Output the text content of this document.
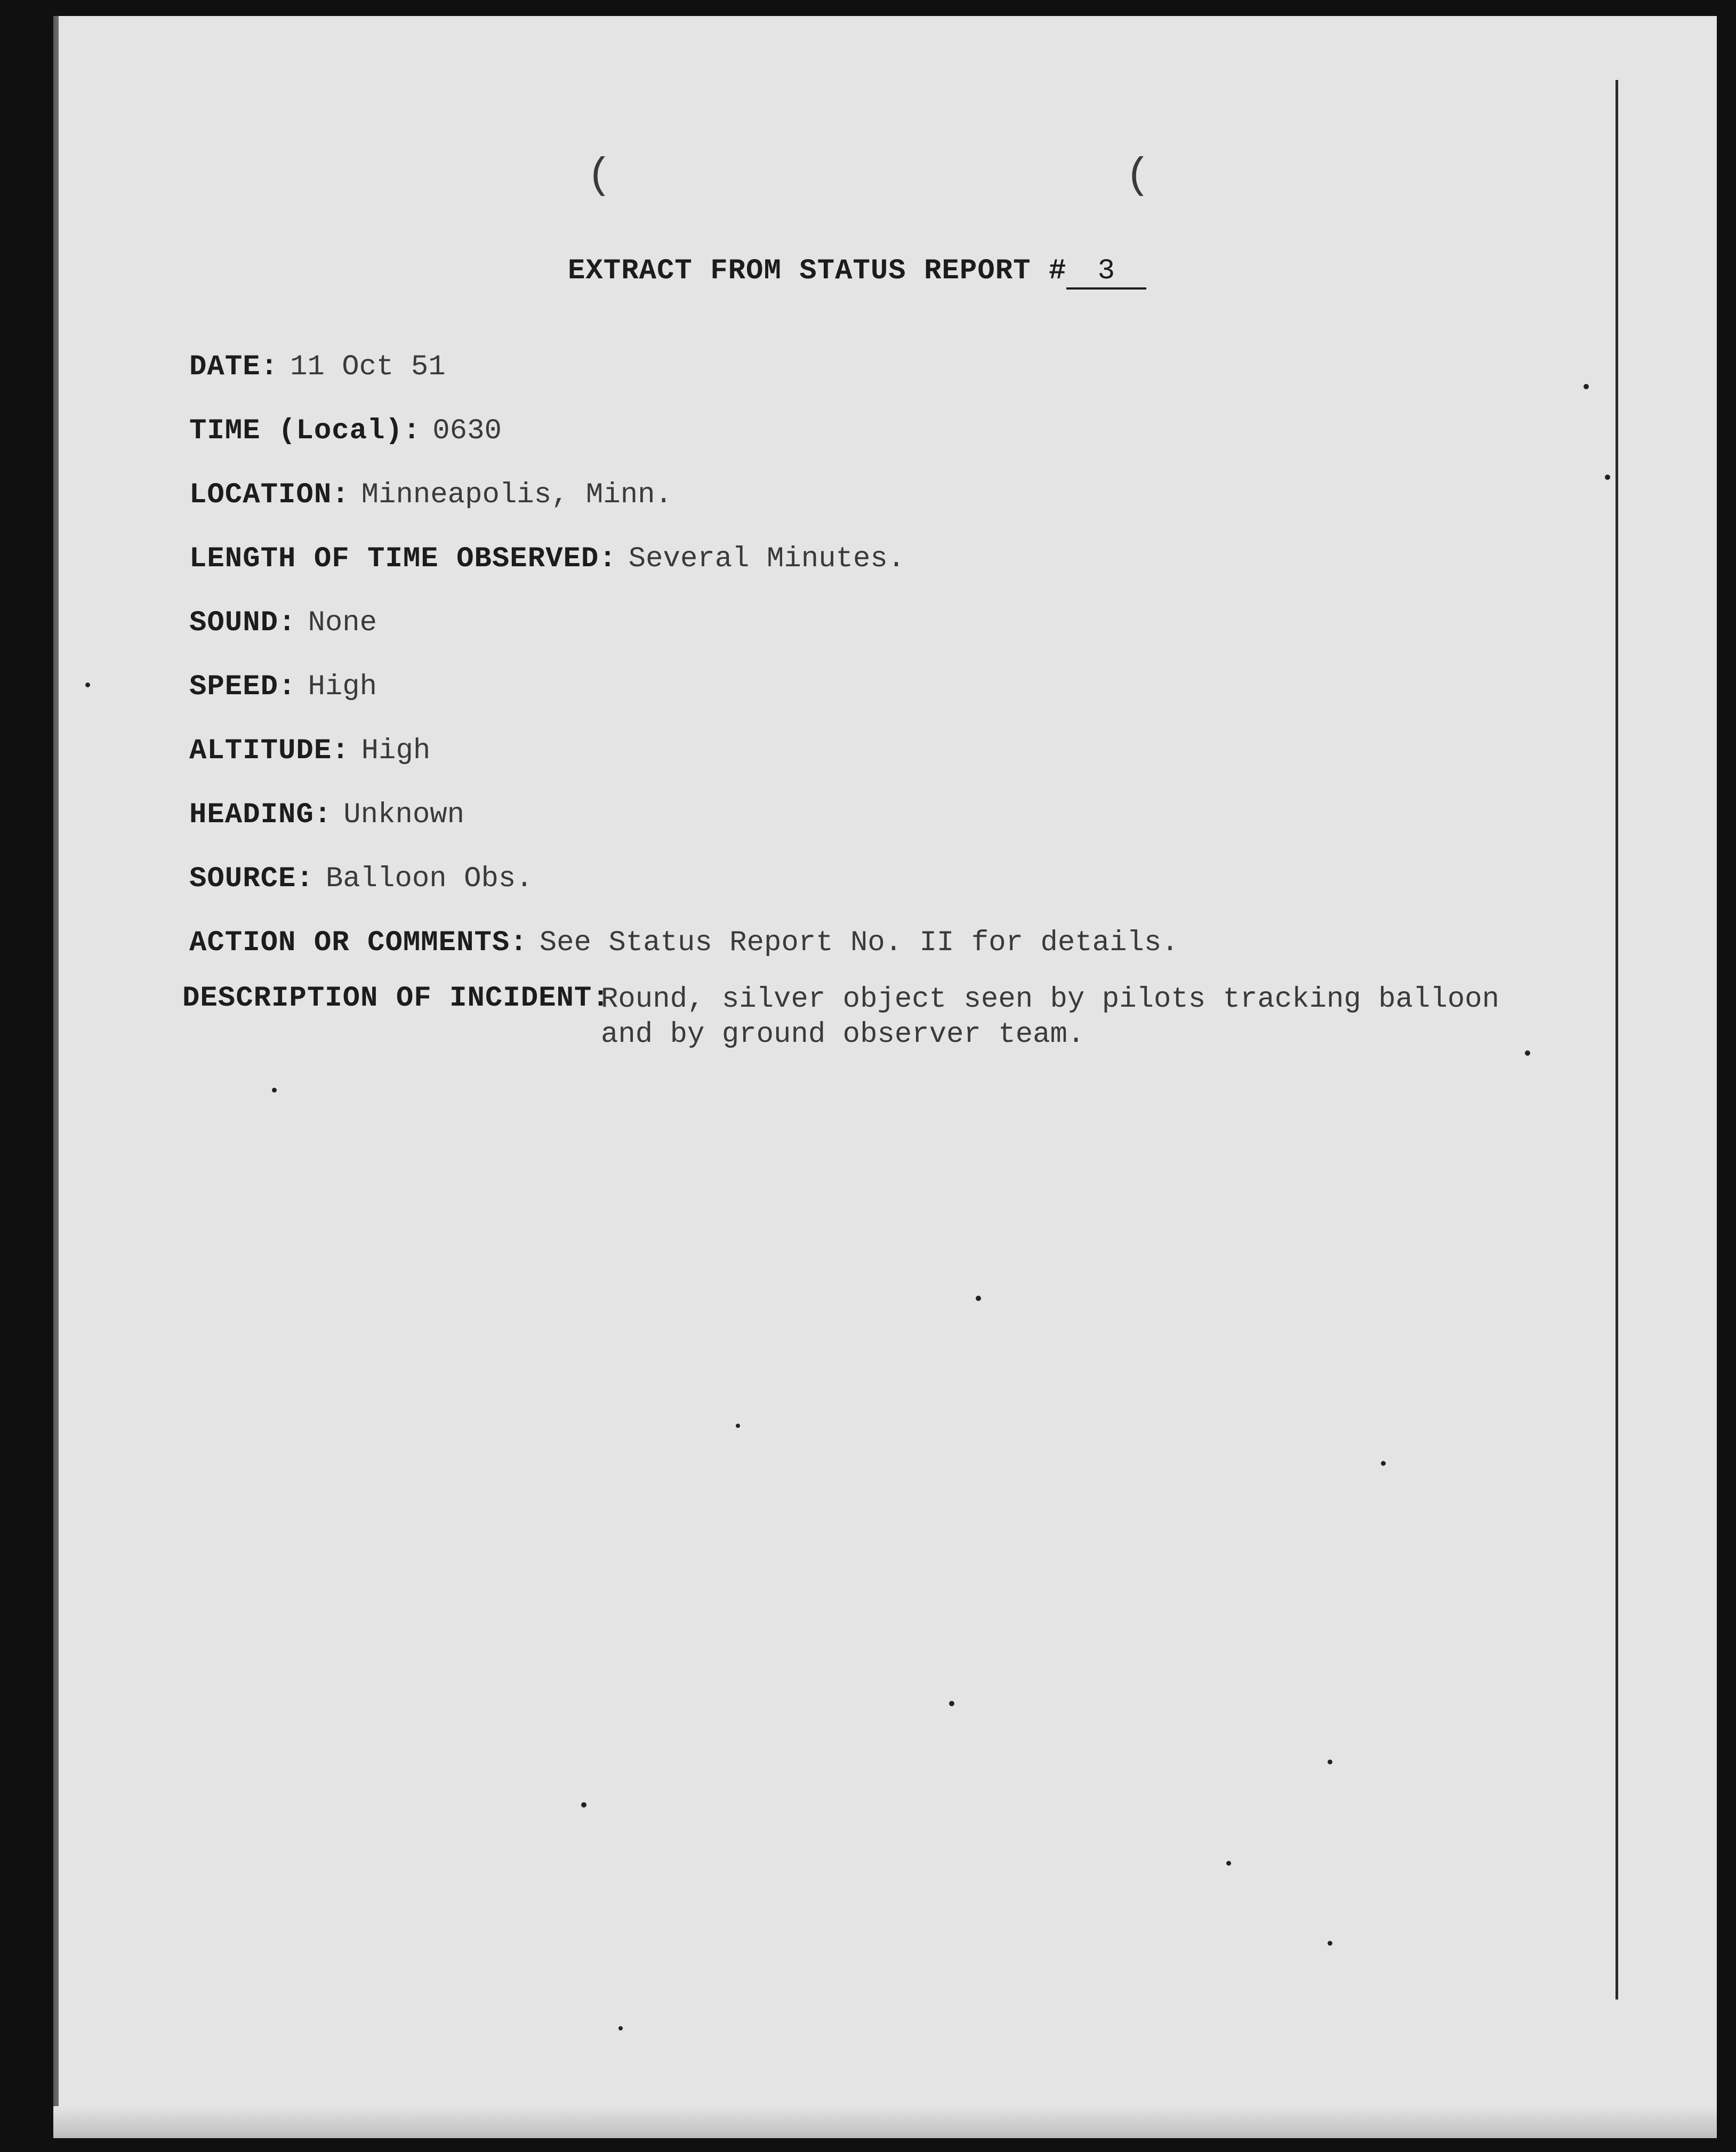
(	(
EXTRACT FROM STATUS REPORT # 3
DATE: 11 Oct 51
TIME (Local): 0630
LOCATION: Minneapolis, Minn.
LENGTH OF TIME OBSERVED: Several Minutes.
SOUND: None
SPEED: High
ALTITUDE: High
HEADING: Unknown
SOURCE: Balloon Obs.
ACTION OR COMMENTS: See Status Report No. II for details.
DESCRIPTION OF INCIDENT:
Round, silver object seen by pilots tracking balloon and by ground observer team.
